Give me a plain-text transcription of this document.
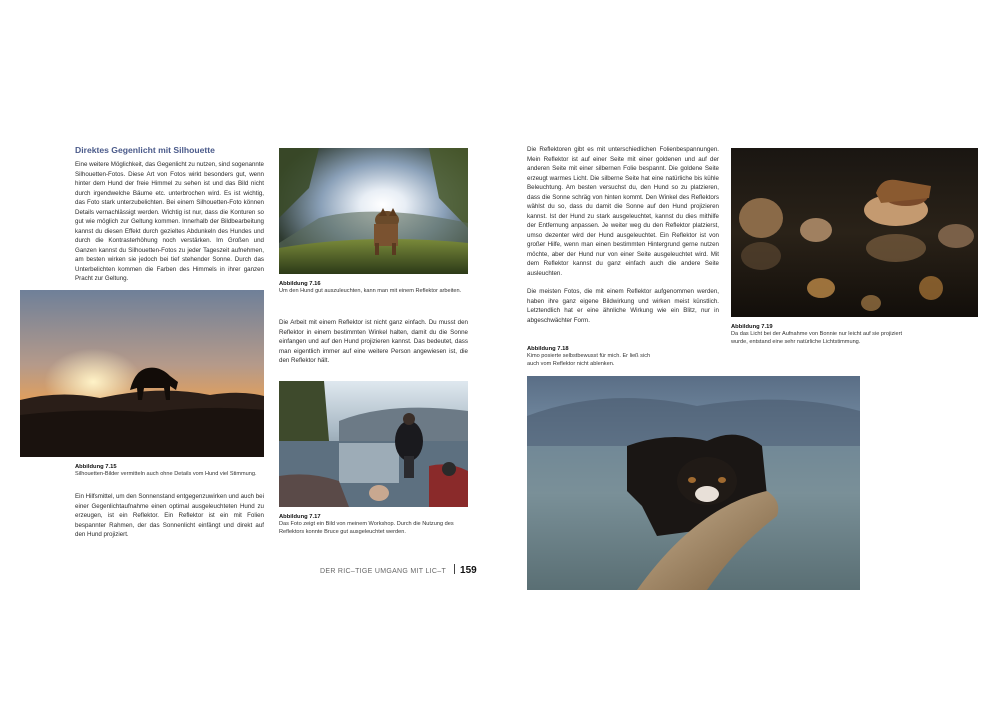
Direktes Gegenlicht mit Silhouette

Eine weitere Möglichkeit, das Gegenlicht zu nutzen, sind sogenannte Silhouetten-Fotos. Diese Art von Fotos wirkt besonders gut, wenn hinter dem Hund der freie Himmel zu sehen ist und das Bild nicht durch irgendwelche Bäume etc. unterbrochen wird. Es ist wichtig, das Foto stark unterzubelichten. Bei einem Silhouetten-Foto können Details vernachlässigt werden. Wichtig ist nur, dass die Konturen so gut wie möglich zur Geltung kommen. Innerhalb der Bildbearbeitung kannst du diesen Effekt durch gezieltes Abdunkeln des Hundes und durch die Kontrasterhöhung noch verstärken. Im Großen und Ganzen kannst du Silhouetten-Fotos zu jeder Tageszeit aufnehmen, am besten wirken sie jedoch bei tief stehender Sonne. Durch das Unterbelichten kommen die Farben des Himmels in ihrer ganzen Pracht zur Geltung.

Abbildung 7.16

Um den Hund gut auszuleuchten, kann man mit einem Reflektor arbeiten.

Abbildung 7.15

Silhouetten-Bilder vermitteln auch ohne Details vom Hund viel Stimmung.

Ein Hilfsmittel, um den Sonnenstand entgegenzuwirken und auch bei einer Gegenlichtaufnahme einen optimal ausgeleuchteten Hund zu erzeugen, ist ein Reflektor. Ein Reflektor ist ein mit Folien bespannter Rahmen, der das Sonnenlicht einfängt und direkt auf den Hund projiziert.

Die Arbeit mit einem Reflektor ist nicht ganz einfach. Du musst den Reflektor in einem bestimmten Winkel halten, damit du die Sonne einfangen und auf den Hund projizieren kannst. Das bedeutet, dass man eigentlich immer auf eine weitere Person angewiesen ist, die den Reflektor hält.

Abbildung 7.17

Das Foto zeigt ein Bild von meinem Workshop. Durch die Nutzung des Reflektors konnte Bruce gut ausgeleuchtet werden.

DER RIC–TIGE UMGANG MIT LIC–T 159

Die Reflektoren gibt es mit unterschiedlichen Folienbespannungen. Mein Reflektor ist auf einer Seite mit einer goldenen und auf der anderen Seite mit einer silbernen Folie bespannt. Die goldene Seite erzeugt warmes Licht. Die silberne Seite hat eine natürliche bis kühle Beleuchtung. Am besten versuchst du, den Hund so zu platzieren, dass die Sonne schräg von hinten kommt. Den Winkel des Reflektors wählst du so, dass du damit die Sonne auf den Hund projizieren kannst. Ist der Hund zu stark ausgeleuchtet, kannst du dies mithilfe der Entfernung anpassen. Je weiter weg du den Reflektor platzierst, umso dezenter wird der Hund ausgeleuchtet. Ein Reflektor ist von großer Hilfe, wenn man einen bestimmten Hintergrund gerne nutzen möchte, aber der Hund nur von einer Seite ausgeleuchtet wird. Mit dem Reflektor kannst du ganz einfach auch die andere Seite ausleuchten.

Die meisten Fotos, die mit einem Reflektor aufgenommen werden, haben ihre ganz eigene Bildwirkung und wirken meist künstlich. Letztendlich hat er eine ähnliche Wirkung wie ein Blitz, nur in abgeschwächter Form.

Abbildung 7.19

Da das Licht bei der Aufnahme von Bonnie nur leicht auf sie projiziert

wurde, entstand eine sehr natürliche Lichtstimmung.

Abbildung 7.18

Kimo posierte selbstbewusst für mich. Er ließ sich

auch vom Reflektor nicht ablenken.
